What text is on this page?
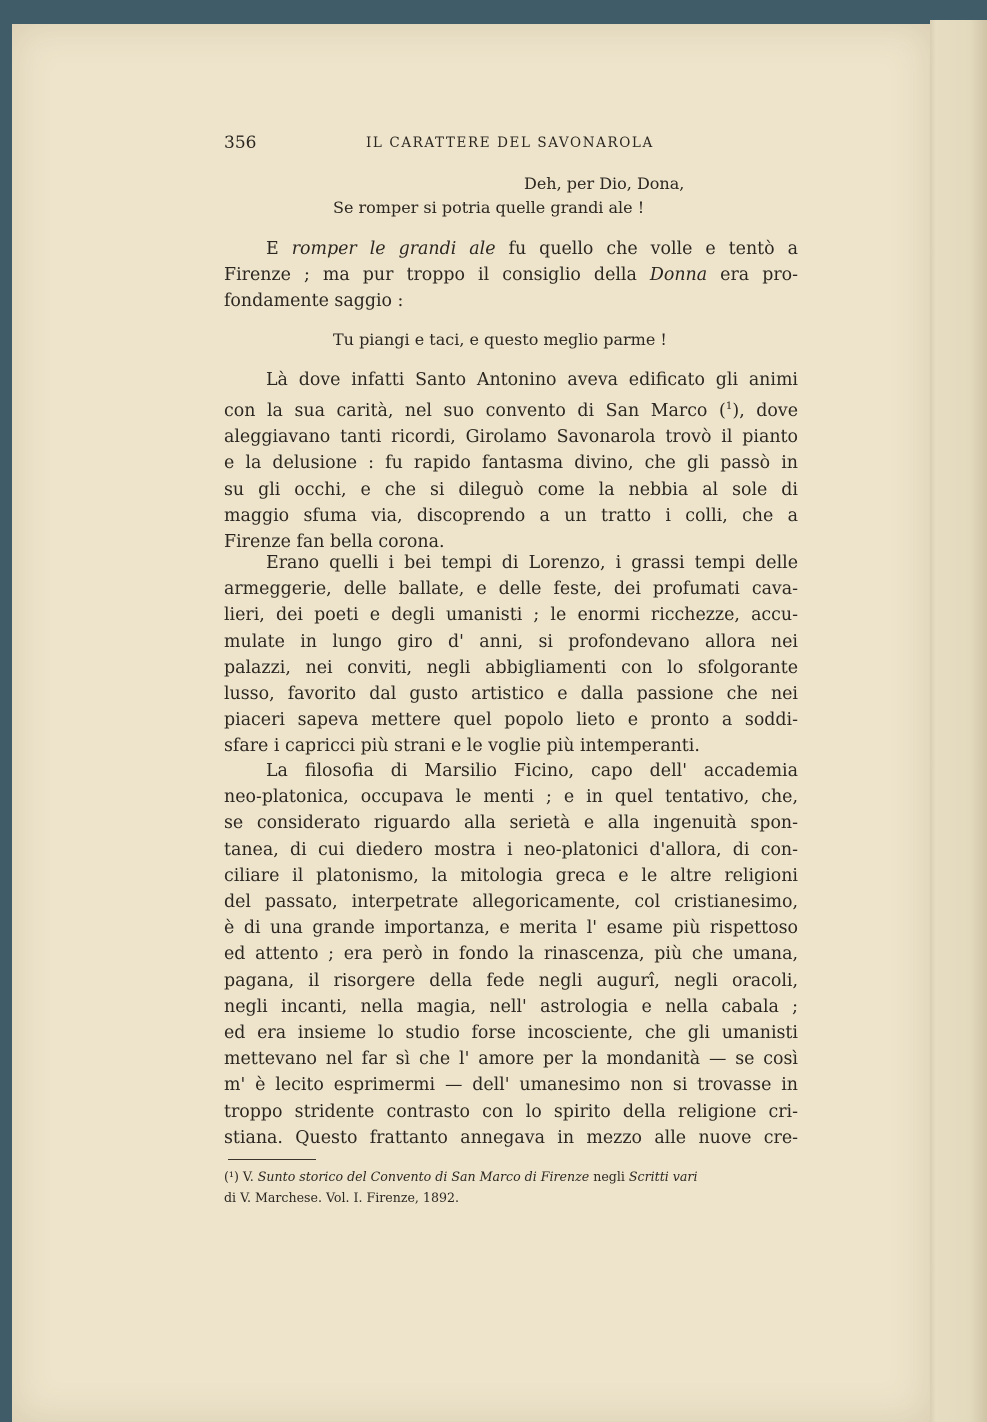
356	IL CARATTERE DEL SAVONAROLA
Deh, per Dio, Dona,
Se romper si potria quelle grandi ale !
E romper le grandi ale fu quello che volle e tentò a
Firenze ; ma pur troppo il consiglio della Donna era pro-
fondamente saggio :
Tu piangi e taci, e questo meglio parme !
Là dove infatti Santo Antonino aveva edificato gli animi
con la sua carità, nel suo convento di San Marco ($^1$), dove
aleggiavano tanti ricordi, Girolamo Savonarola trovò il pianto
e la delusione : fu rapido fantasma divino, che gli passò in
su gli occhi, e che si dileguò come la nebbia al sole di
maggio sfuma via, discoprendo a un tratto i colli, che a
Firenze fan bella corona.
Erano quelli i bei tempi di Lorenzo, i grassi tempi delle
armeggerie, delle ballate, e delle feste, dei profumati cava-
lieri, dei poeti e degli umanisti ; le enormi ricchezze, accu-
mulate in lungo giro d' anni, si profondevano allora nei
palazzi, nei conviti, negli abbigliamenti con lo sfolgorante
lusso, favorito dal gusto artistico e dalla passione che nei
piaceri sapeva mettere quel popolo lieto e pronto a soddi-
sfare i capricci più strani e le voglie più intemperanti.
La filosofia di Marsilio Ficino, capo dell' accademia
neo-platonica, occupava le menti ; e in quel tentativo, che,
se considerato riguardo alla serietà e alla ingenuità spon-
tanea, di cui diedero mostra i neo-platonici d'allora, di con-
ciliare il platonismo, la mitologia greca e le altre religioni
del passato, interpetrate allegoricamente, col cristianesimo,
è di una grande importanza, e merita l' esame più rispettoso
ed attento ; era però in fondo la rinascenza, più che umana,
pagana, il risorgere della fede negli augurî, negli oracoli,
negli incanti, nella magia, nell' astrologia e nella cabala ;
ed era insieme lo studio forse incosciente, che gli umanisti
mettevano nel far sì che l' amore per la mondanità — se così
m' è lecito esprimermi — dell' umanesimo non si trovasse in
troppo stridente contrasto con lo spirito della religione cri-
stiana. Questo frattanto annegava in mezzo alle nuove cre-
(¹) V. Sunto storico del Convento di San Marco di Firenze negli Scritti vari
di V. Marchese. Vol. I. Firenze, 1892.
